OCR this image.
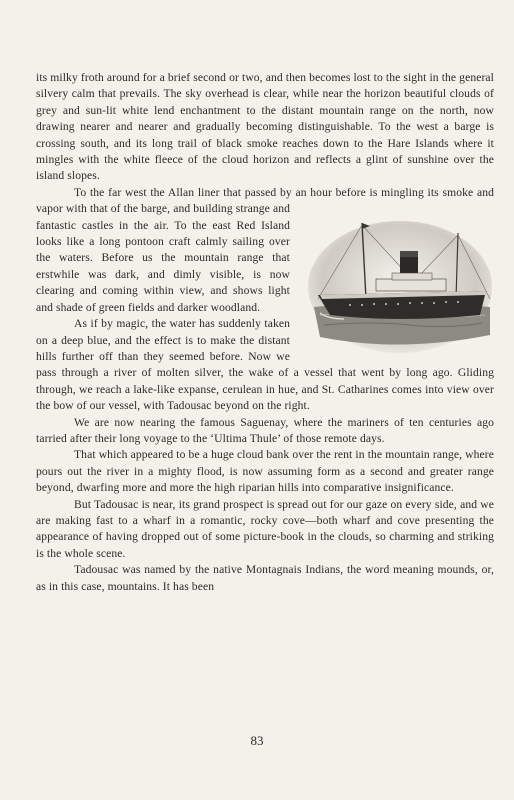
its milky froth around for a brief second or two, and then becomes lost to the sight in the general silvery calm that prevails. The sky overhead is clear, while near the horizon beautiful clouds of grey and sun-lit white lend enchantment to the distant mountain range on the north, now drawing nearer and nearer and gradually becoming distinguishable. To the west a barge is crossing south, and its long trail of black smoke reaches down to the Hare Islands where it mingles with the white fleece of the cloud horizon and reflects a glint of sunshine over the island slopes.

To the far west the Allan liner that passed by an hour before is mingling its smoke and vapor with that of the barge, and building strange and fantastic castles in the air. To the east Red Island looks like a long pontoon craft calmly sailing over the waters. Before us the mountain range that erstwhile was dark, and dimly visible, is now clearing and coming within view, and shows light and shade of green fields and darker woodland.

As if by magic, the water has suddenly taken on a deep blue, and the effect is to make the distant hills further off than they seemed before. Now we pass through a river of molten silver, the wake of a vessel that went by long ago. Gliding through, we reach a lake-like expanse, cerulean in hue, and St. Catharines comes into view over the bow of our vessel, with Tadousac beyond on the right.

We are now nearing the famous Saguenay, where the mariners of ten centuries ago tarried after their long voyage to the ‘Ultima Thule’ of those remote days.

That which appeared to be a huge cloud bank over the rent in the mountain range, where pours out the river in a mighty flood, is now assuming form as a second and greater range beyond, dwarfing more and more the high riparian hills into comparative insignificance.

But Tadousac is near, its grand prospect is spread out for our gaze on every side, and we are making fast to a wharf in a romantic, rocky cove—both wharf and cove presenting the appearance of having dropped out of some picture-book in the clouds, so charming and striking is the whole scene.

Tadousac was named by the native Montagnais Indians, the word meaning mounds, or, as in this case, mountains. It has been

83
